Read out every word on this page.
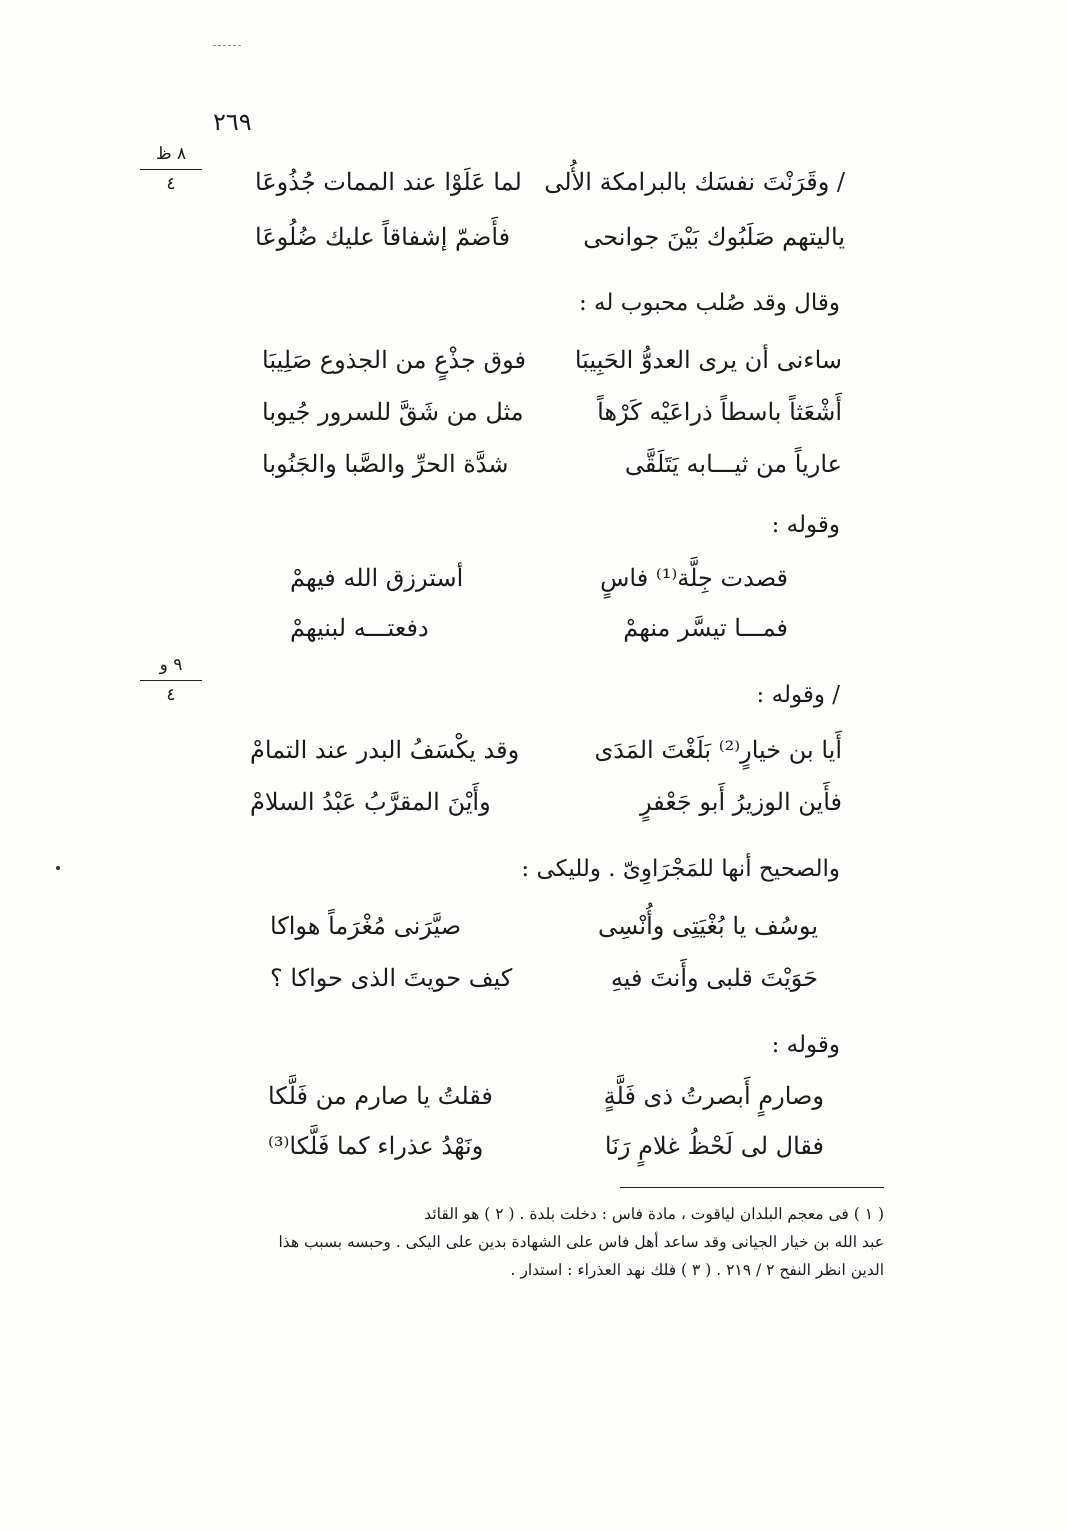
٢٦٩
٨ ظ
٤
٩ و
٤
/ وقَرَنْتَ نفسَك بالبرامكة الأُلى
لما عَلَوْا عند الممات جُذُوعَا
ياليتهم صَلَبُوك بَيْنَ جوانحى
فأَضمّ إشفاقاً عليك ضُلُوعَا
وقال وقد صُلب محبوب له :
ساءنى أن يرى العدوُّ الحَبِيبَا
فوق جذْعٍ من الجذوع صَلِيبَا
أَشْعَثاً باسطاً ذراعَيْه كَرْهاً
مثل من شَقَّ للسرور جُيوبا
عارياً من ثيـــابه يَتَلَقَّى
شدَّة الحرِّ والصَّبا والجَنُوبا
وقوله :
قصدت جِلَّة⁽¹⁾ فاسٍ
أسترزق الله فيهمْ
فمـــا تيسَّر منهمْ
دفعتـــه لبنيهمْ
/ وقوله :
أَيا بن خيارٍ⁽²⁾ بَلَغْتَ المَدَى
وقد يكْسَفُ البدر عند التمامْ
فأَين الوزيرُ أَبو جَعْفرٍ
وأَيْنَ المقرَّبُ عَبْدُ السلامْ
والصحيح أنها للمَجْرَاوِىّ . ولليكى :
يوسُف يا بُغْيَتِى وأُنْسِى
صيَّرَنى مُغْرَماً هواكا
حَوَيْتَ قلبى وأَنتَ فيهِ
كيف حويتَ الذى حواكا ؟
وقوله :
وصارمٍ أَبصرتُ ذى فَلَّةٍ
فقلتُ يا صارم من فَلَّكا
فقال لى لَحْظُ غلامٍ رَنَا
ونَهْدُ عذراء كما فَلَّكا⁽³⁾
( ١ ) فى معجم البلدان لياقوت ، مادة فاس : دخلت بلدة . ( ٢ ) هو القائد
عبد الله بن خيار الجيانى وقد ساعد أهل فاس على الشهادة بدين على اليكى . وحبسه بسبب هذا
الدين انظر النفح ٢ / ٢١٩ . ( ٣ ) فلك نهد العذراء : استدار .
